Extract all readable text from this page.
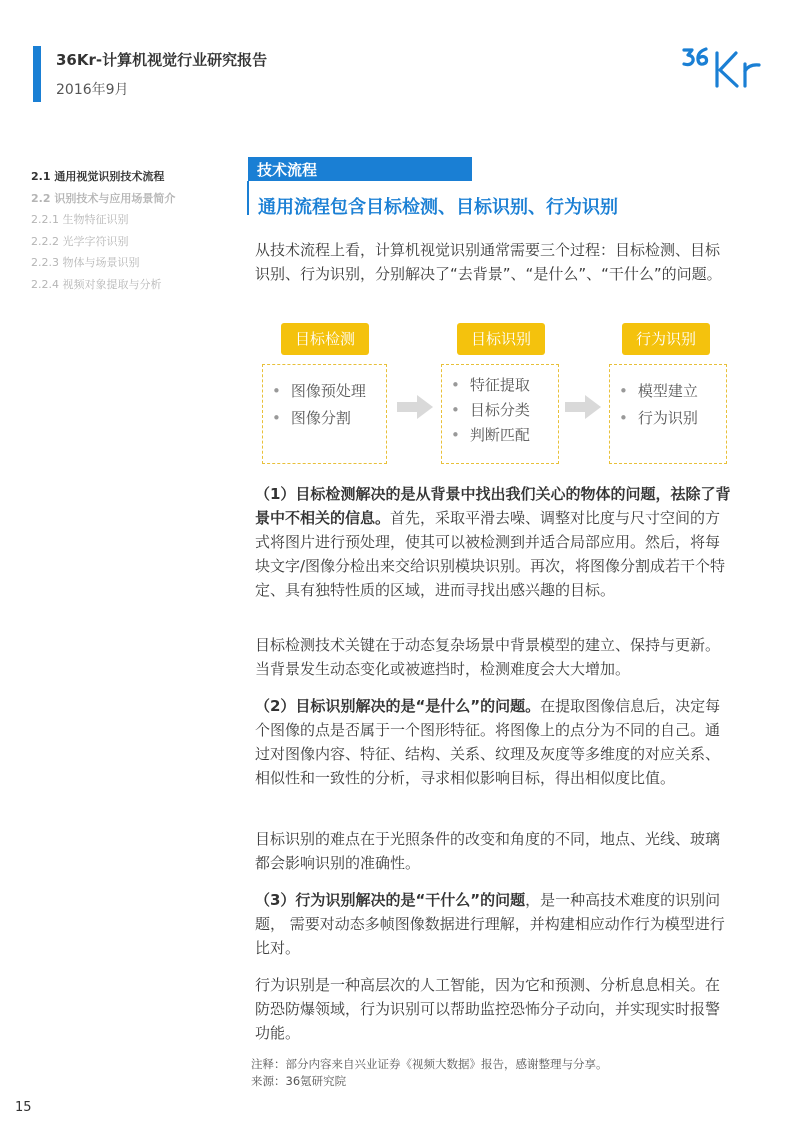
36Kr-计算机视觉行业研究报告
2016年9月
2.1 通用视觉识别技术流程
2.2 识别技术与应用场景简介
2.2.1 生物特征识别
2.2.2 光学字符识别
2.2.3 物体与场景识别
2.2.4 视频对象提取与分析
技术流程
通用流程包含目标检测、目标识别、行为识别

从技术流程上看，计算机视觉识别通常需要三个过程：目标检测、目标识别、行为识别，分别解决了“去背景”、“是什么”、“干什么”的问题。

目标检测
• 图像预处理
• 图像分割
目标识别
• 特征提取
• 目标分类
• 判断匹配
行为识别
• 模型建立
• 行为识别

（1）目标检测解决的是从背景中找出我们关心的物体的问题，祛除了背景中不相关的信息。首先，采取平滑去噪、调整对比度与尺寸空间的方式将图片进行预处理，使其可以被检测到并适合局部应用。然后，将每块文字/图像分检出来交给识别模块识别。再次，将图像分割成若干个特定、具有独特性质的区域，进而寻找出感兴趣的目标。

目标检测技术关键在于动态复杂场景中背景模型的建立、保持与更新。当背景发生动态变化或被遮挡时，检测难度会大大增加。

（2）目标识别解决的是“是什么”的问题。在提取图像信息后，决定每个图像的点是否属于一个图形特征。将图像上的点分为不同的自己。通过对图像内容、特征、结构、关系、纹理及灰度等多维度的对应关系、相似性和一致性的分析，寻求相似影响目标，得出相似度比值。

目标识别的难点在于光照条件的改变和角度的不同，地点、光线、玻璃都会影响识别的准确性。

（3）行为识别解决的是“干什么”的问题，是一种高技术难度的识别问题， 需要对动态多帧图像数据进行理解，并构建相应动作行为模型进行比对。

行为识别是一种高层次的人工智能，因为它和预测、分析息息相关。在防恐防爆领域，行为识别可以帮助监控恐怖分子动向，并实现实时报警功能。

注释：部分内容来自兴业证券《视频大数据》报告，感谢整理与分享。
来源：36氪研究院
15
